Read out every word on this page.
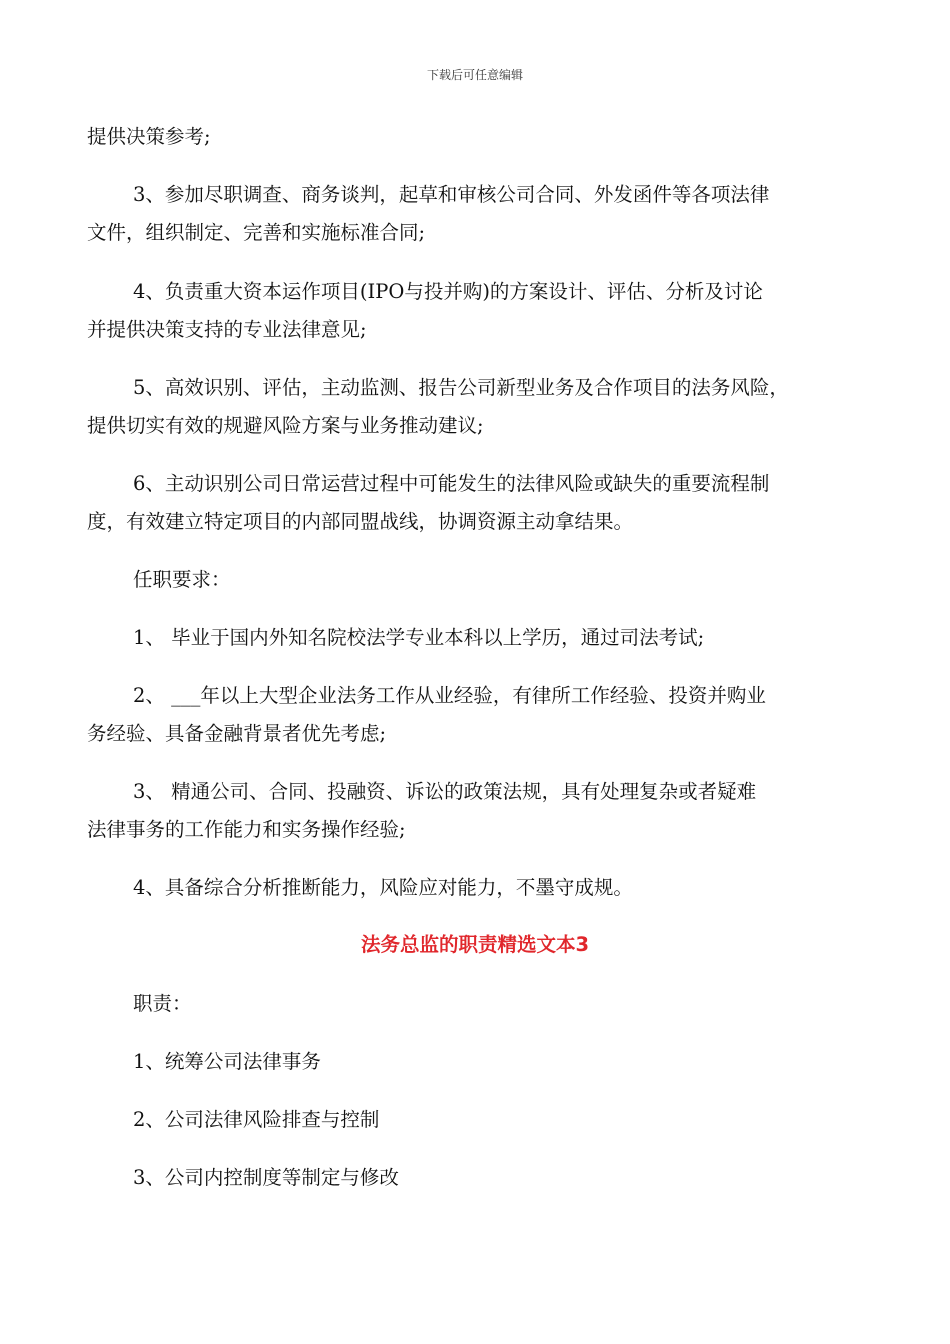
下载后可任意编辑
提供决策参考;
3、参加尽职调查、商务谈判，起草和审核公司合同、外发函件等各项法律
文件，组织制定、完善和实施标准合同;
4、负责重大资本运作项目(IPO与投并购)的方案设计、评估、分析及讨论
并提供决策支持的专业法律意见;
5、高效识别、评估，主动监测、报告公司新型业务及合作项目的法务风险，
提供切实有效的规避风险方案与业务推动建议;
6、主动识别公司日常运营过程中可能发生的法律风险或缺失的重要流程制
度，有效建立特定项目的内部同盟战线，协调资源主动拿结果。
任职要求：
1、 毕业于国内外知名院校法学专业本科以上学历，通过司法考试;
2、 ___年以上大型企业法务工作从业经验，有律所工作经验、投资并购业
务经验、具备金融背景者优先考虑;
3、 精通公司、合同、投融资、诉讼的政策法规，具有处理复杂或者疑难
法律事务的工作能力和实务操作经验;
4、具备综合分析推断能力，风险应对能力，不墨守成规。
法务总监的职责精选文本3
职责：
1、统筹公司法律事务
2、公司法律风险排查与控制
3、公司内控制度等制定与修改
